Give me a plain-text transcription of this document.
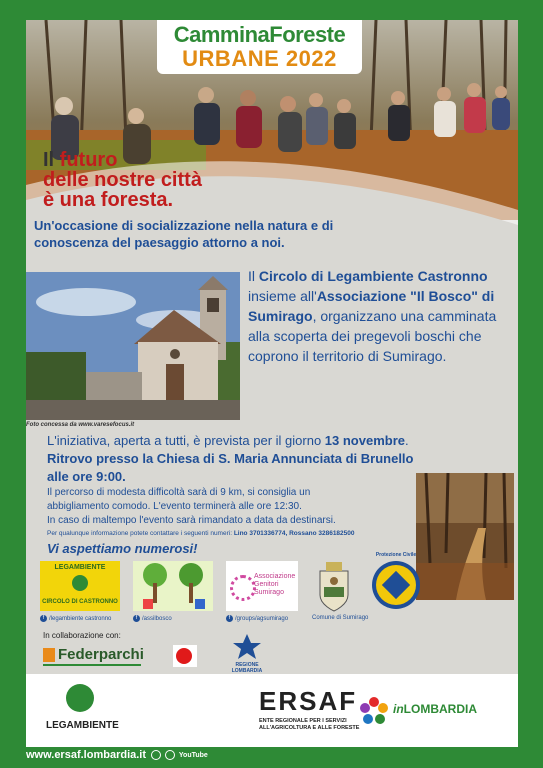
CamminaForeste
URBANE 2022
Il futuro
delle nostre città
è una foresta.
Un'occasione di socializzazione nella natura e di conoscenza del paesaggio attorno a noi.
Foto concessa da www.varesefocus.it
Il Circolo di Legambiente Castronno insieme all'Associazione "Il Bosco" di Sumirago, organizzano una camminata alla scoperta dei pregevoli boschi che coprono il territorio di Sumirago.
L'iniziativa, aperta a tutti, è prevista per il giorno 13 novembre.
Ritrovo presso la Chiesa di S. Maria Annunciata di Brunello
alle ore 9:00.
Il percorso di modesta difficoltà sarà di 9 km, si consiglia un
abbigliamento comodo. L'evento terminerà alle ore 12:30.
In caso di maltempo l'evento sarà rimandato a data da destinarsi.
Per qualunque informazione potete contattare i seguenti numeri: Lino 3701336774, Rossano 3286182500
Vi aspettiamo numerosi!
LEGAMBIENTE
CIRCOLO DI CASTRONNO
f /legambiente castronno	f /assilbosco
Associazione
Genitori
Sumirago
f /groups/agsumirago	Comune di Sumirago
Protezione Civile
In collaborazione con:
Federparchi
REGIONE LOMBARDIA
LEGAMBIENTE
ERSAF
ENTE REGIONALE PER I SERVIZI
ALL'AGRICOLTURA E ALLE FORESTE
inLOMBARDIA
www.ersaf.lombardia.it	YouTube
